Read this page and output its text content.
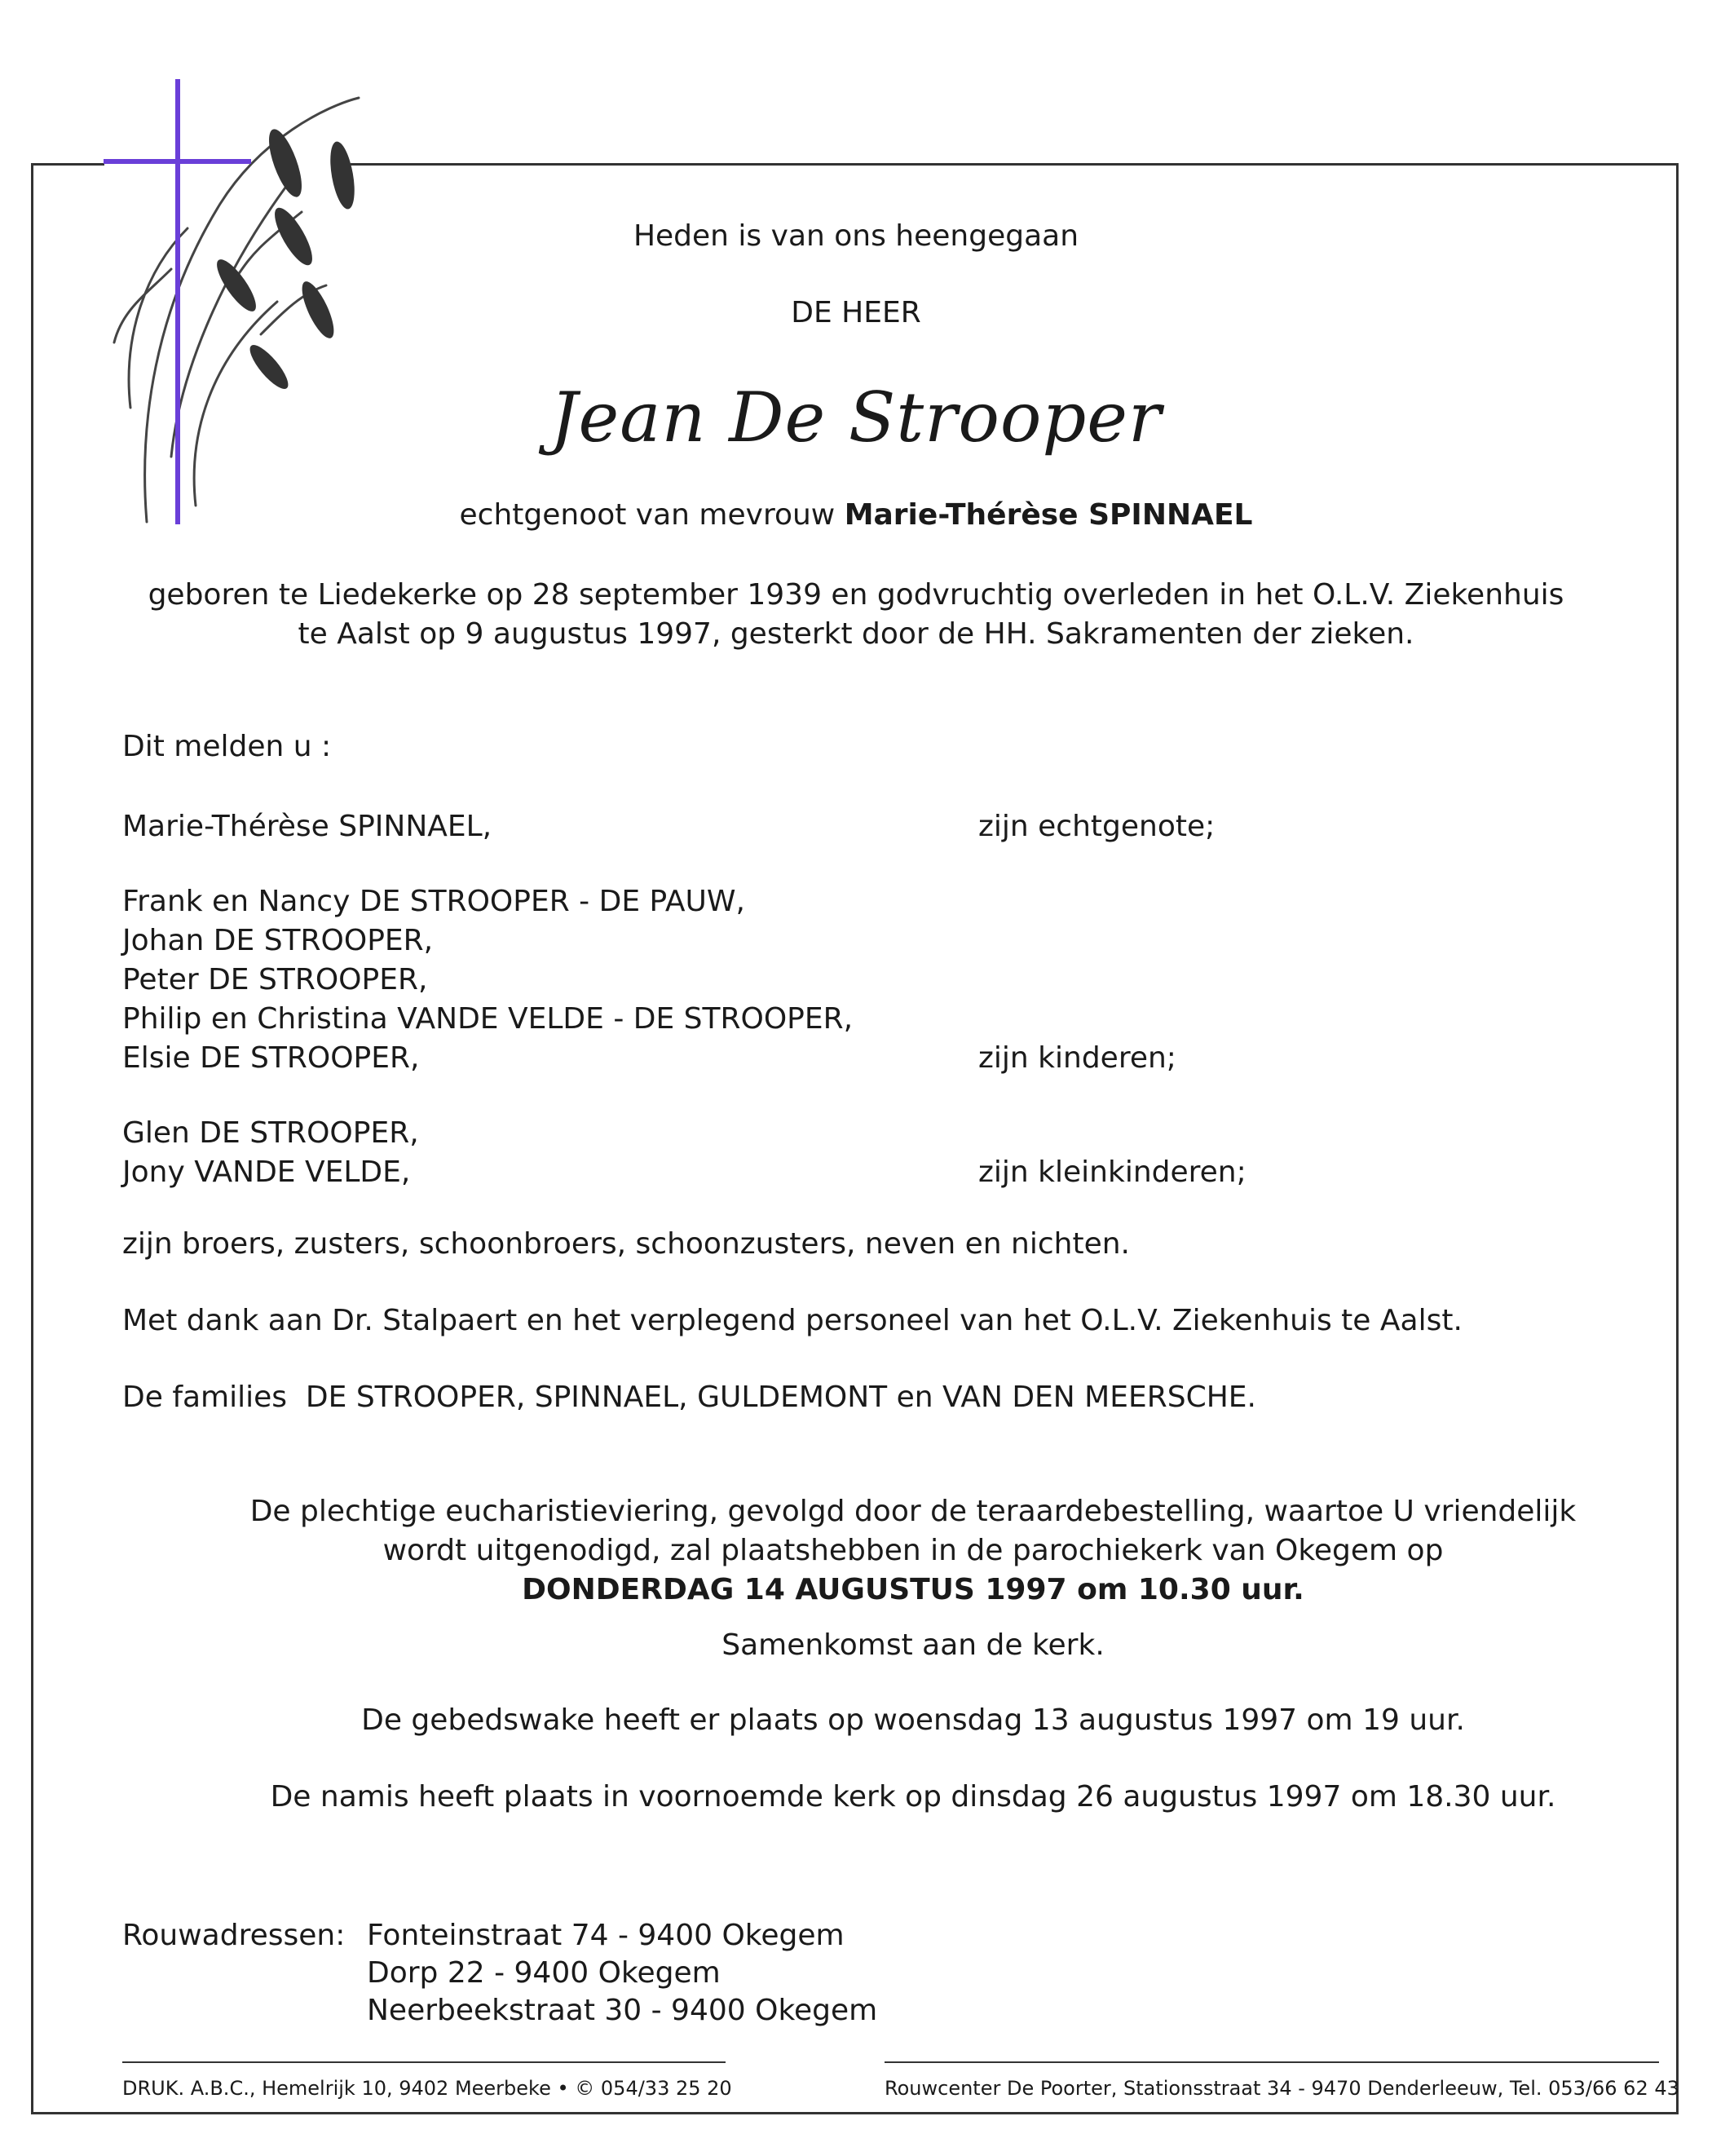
Heden is van ons heengegaan
DE HEER
Jean De Strooper
echtgenoot van mevrouw Marie-Thérèse SPINNAEL
geboren te Liedekerke op 28 september 1939 en godvruchtig overleden in het O.L.V. Ziekenhuis
te Aalst op 9 augustus 1997, gesterkt door de HH. Sakramenten der zieken.
Dit melden u :
Marie-Thérèse SPINNAEL,	zijn echtgenote;
Frank en Nancy DE STROOPER - DE PAUW,
Johan DE STROOPER,
Peter DE STROOPER,
Philip en Christina VANDE VELDE - DE STROOPER,
Elsie DE STROOPER,	zijn kinderen;
Glen DE STROOPER,
Jony VANDE VELDE,	zijn kleinkinderen;
zijn broers, zusters, schoonbroers, schoonzusters, neven en nichten.
Met dank aan Dr. Stalpaert en het verplegend personeel van het O.L.V. Ziekenhuis te Aalst.
De families DE STROOPER, SPINNAEL, GULDEMONT en VAN DEN MEERSCHE.
De plechtige eucharistieviering, gevolgd door de teraardebestelling, waartoe U vriendelijk
wordt uitgenodigd, zal plaatshebben in de parochiekerk van Okegem op
DONDERDAG 14 AUGUSTUS 1997 om 10.30 uur.
Samenkomst aan de kerk.
De gebedswake heeft er plaats op woensdag 13 augustus 1997 om 19 uur.
De namis heeft plaats in voornoemde kerk op dinsdag 26 augustus 1997 om 18.30 uur.
Rouwadressen: Fonteinstraat 74 - 9400 Okegem
Dorp 22 - 9400 Okegem
Neerbeekstraat 30 - 9400 Okegem
DRUK. A.B.C., Hemelrijk 10, 9402 Meerbeke • © 054/33 25 20	Rouwcenter De Poorter, Stationsstraat 34 - 9470 Denderleeuw, Tel. 053/66 62 43
